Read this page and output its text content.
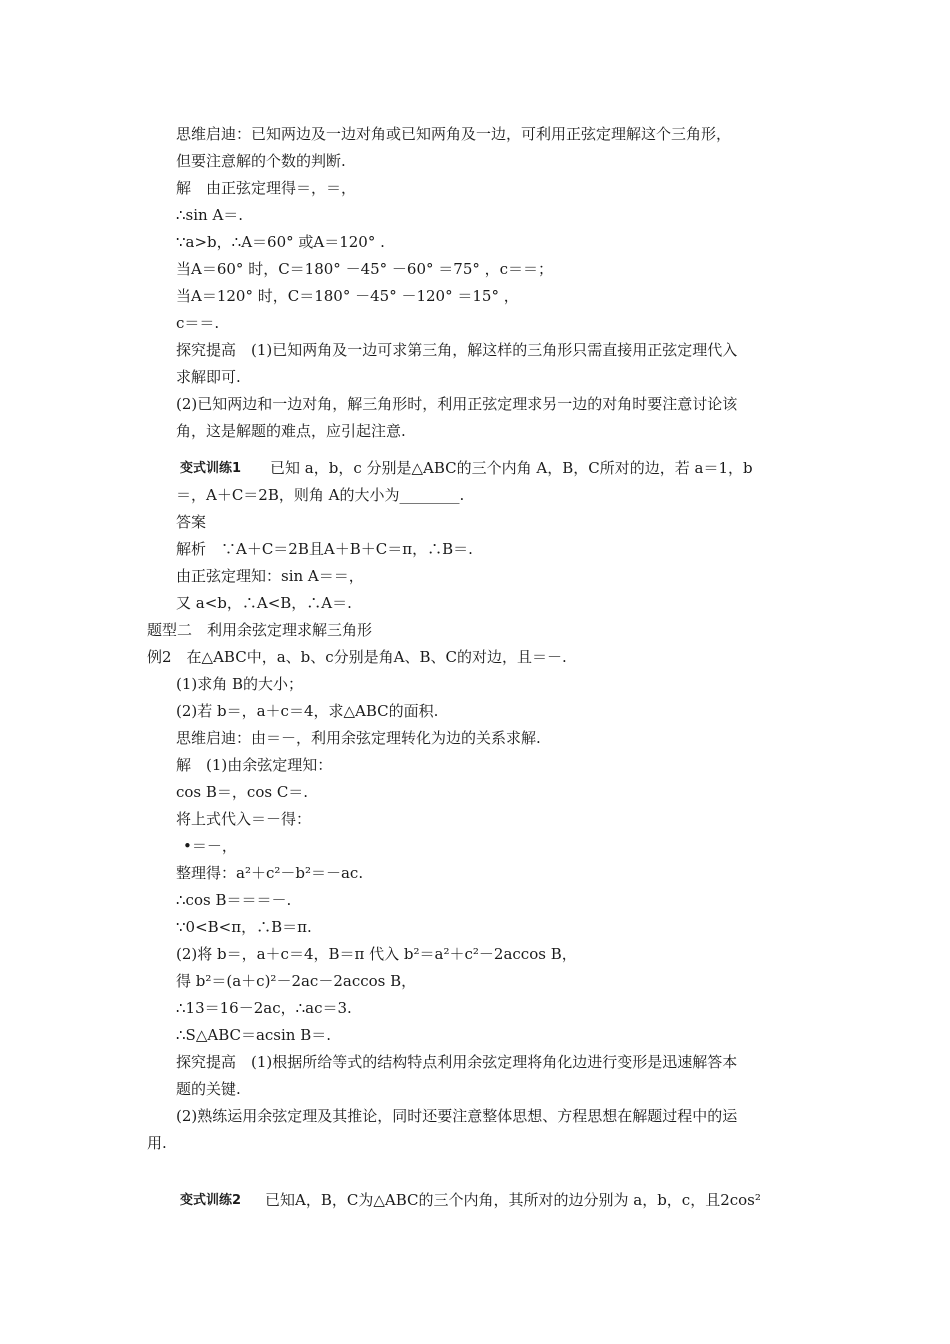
思维启迪：已知两边及一边对角或已知两角及一边，可利用正弦定理解这个三角形，
但要注意解的个数的判断.
解　由正弦定理得＝，＝，
∴sin A＝.
∵a>b，∴A＝60° 或A＝120° .
当A＝60° 时，C＝180° －45° －60° ＝75° ，c＝＝；
当A＝120° 时，C＝180° －45° －120° ＝15° ，
c＝＝.
探究提高　(1)已知两角及一边可求第三角，解这样的三角形只需直接用正弦定理代入
求解即可.
(2)已知两边和一边对角，解三角形时，利用正弦定理求另一边的对角时要注意讨论该
角，这是解题的难点，应引起注意.
变式训练1 已知 a，b，c 分别是△ABC的三个内角 A，B，C所对的边，若 a＝1，b
＝，A＋C＝2B，则角 A的大小为________.
答案
解析　∵A＋C＝2B且A＋B＋C＝π，∴B＝.
由正弦定理知：sin A＝＝，
又 a<b，∴A<B，∴A＝.
题型二　利用余弦定理求解三角形
例2　在△ABC中，a、b、c分别是角A、B、C的对边，且＝－.
(1)求角 B的大小；
(2)若 b＝，a＋c＝4，求△ABC的面积.
思维启迪：由＝－，利用余弦定理转化为边的关系求解.
解　(1)由余弦定理知：
cos B＝，cos C＝.
将上式代入＝－得：
•＝－，
整理得：a²＋c²－b²＝－ac.
∴cos B＝＝＝－.
∵0<B<π，∴B＝π.
(2)将 b＝，a＋c＝4，B＝π 代入 b²＝a²＋c²－2accos B，
得 b²＝(a＋c)²－2ac－2accos B，
∴13＝16－2ac，∴ac＝3.
∴S△ABC＝acsin B＝.
探究提高　(1)根据所给等式的结构特点利用余弦定理将角化边进行变形是迅速解答本
题的关键.
(2)熟练运用余弦定理及其推论，同时还要注意整体思想、方程思想在解题过程中的运
用.
变式训练2 已知A，B，C为△ABC的三个内角，其所对的边分别为 a，b，c，且2cos²
